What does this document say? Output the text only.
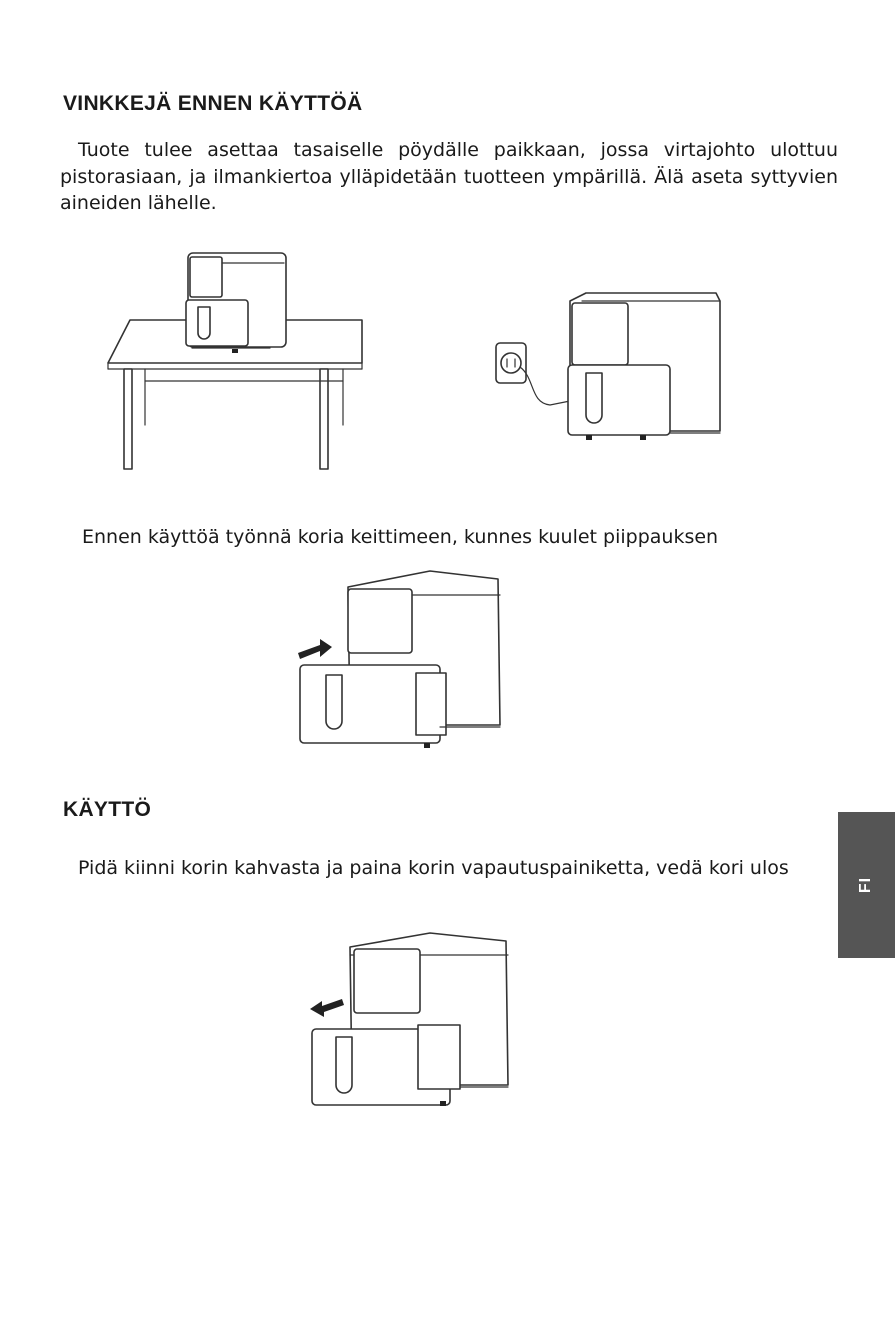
VINKKEJÄ ENNEN KÄYTTÖÄ

Tuote tulee asettaa tasaiselle pöydälle paikkaan, jossa virtajohto ulottuu pistorasiaan, ja ilmankiertoa ylläpidetään tuotteen ympärillä. Älä aseta syttyvien aineiden lähelle.

Ennen käyttöä työnnä koria keittimeen, kunnes kuulet piippauksen

KÄYTTÖ

Pidä kiinni korin kahvasta ja paina korin vapautuspainiketta, vedä kori ulos

FI
